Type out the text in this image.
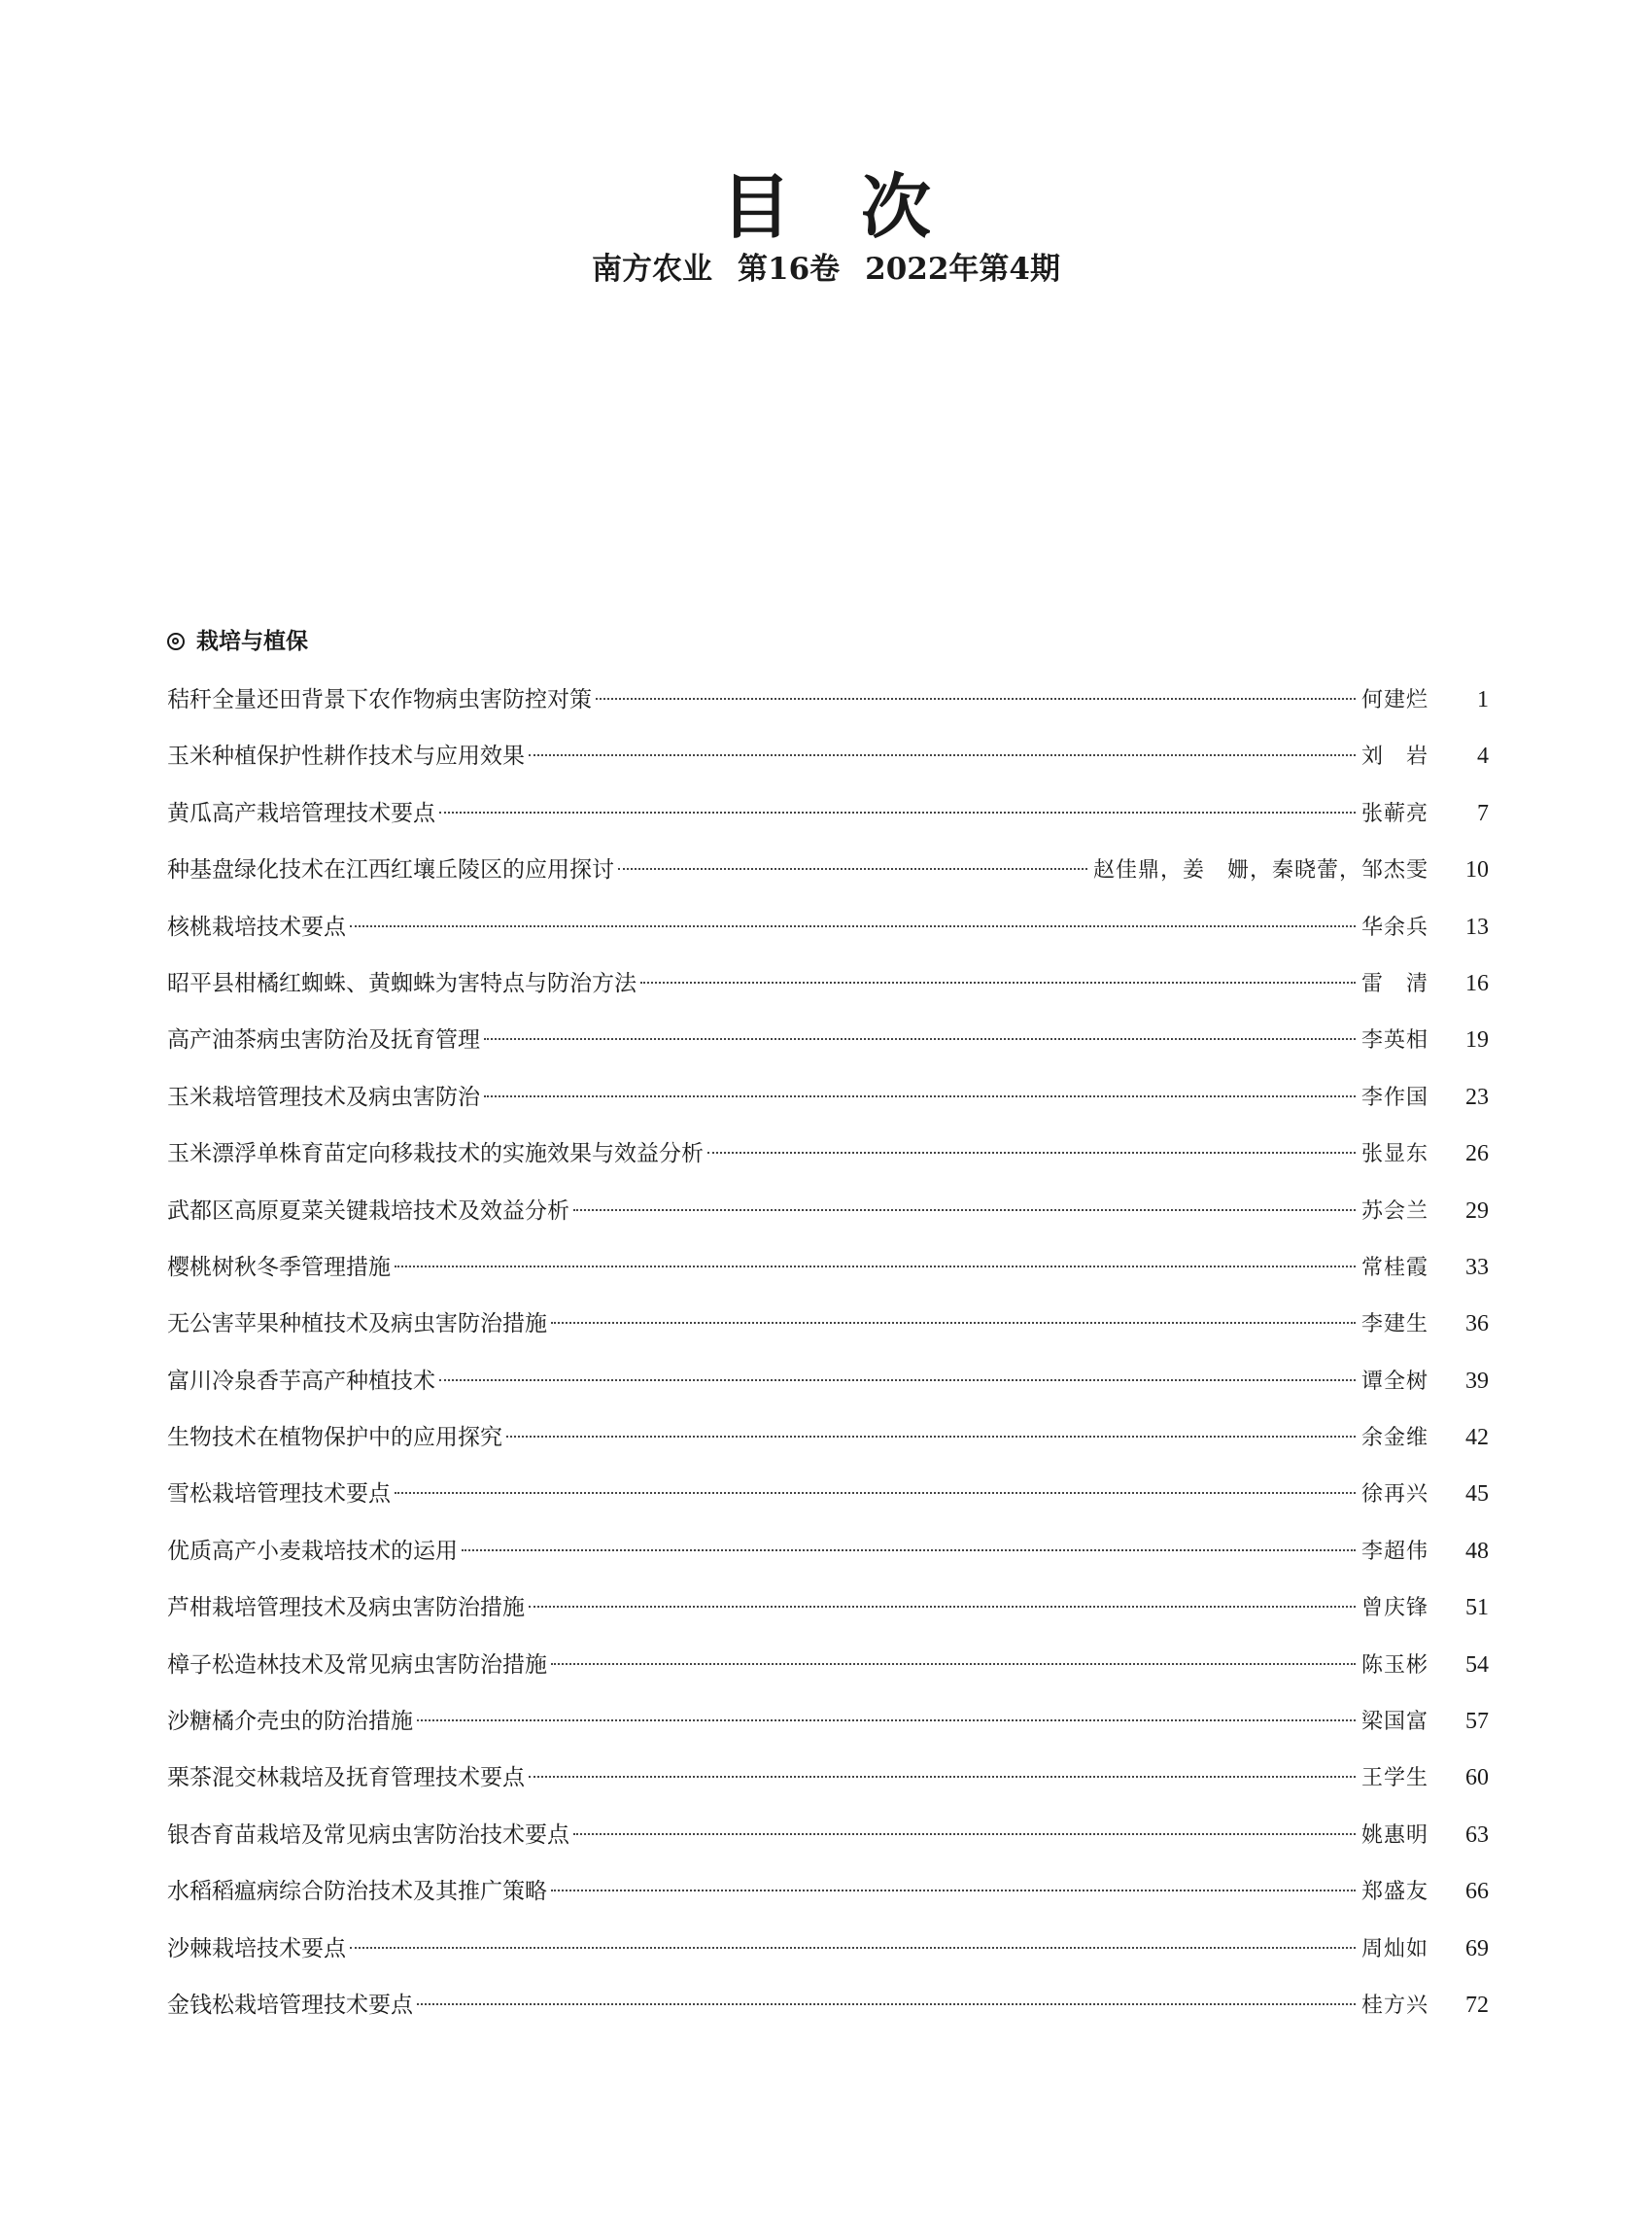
目 次
南方农业 第16卷 2022年第4期
栽培与植保
秸秆全量还田背景下农作物病虫害防控对策	何建烂	1
玉米种植保护性耕作技术与应用效果	刘　岩	4
黄瓜高产栽培管理技术要点	张蕲亮	7
种基盘绿化技术在江西红壤丘陵区的应用探讨	赵佳鼎，姜　姗，秦晓蕾，邹杰雯	10
核桃栽培技术要点	华余兵	13
昭平县柑橘红蜘蛛、黄蜘蛛为害特点与防治方法	雷　清	16
高产油茶病虫害防治及抚育管理	李英相	19
玉米栽培管理技术及病虫害防治	李作国	23
玉米漂浮单株育苗定向移栽技术的实施效果与效益分析	张显东	26
武都区高原夏菜关键栽培技术及效益分析	苏会兰	29
樱桃树秋冬季管理措施	常桂霞	33
无公害苹果种植技术及病虫害防治措施	李建生	36
富川冷泉香芋高产种植技术	谭全树	39
生物技术在植物保护中的应用探究	余金维	42
雪松栽培管理技术要点	徐再兴	45
优质高产小麦栽培技术的运用	李超伟	48
芦柑栽培管理技术及病虫害防治措施	曾庆锋	51
樟子松造林技术及常见病虫害防治措施	陈玉彬	54
沙糖橘介壳虫的防治措施	梁国富	57
栗茶混交林栽培及抚育管理技术要点	王学生	60
银杏育苗栽培及常见病虫害防治技术要点	姚惠明	63
水稻稻瘟病综合防治技术及其推广策略	郑盛友	66
沙棘栽培技术要点	周灿如	69
金钱松栽培管理技术要点	桂方兴	72
